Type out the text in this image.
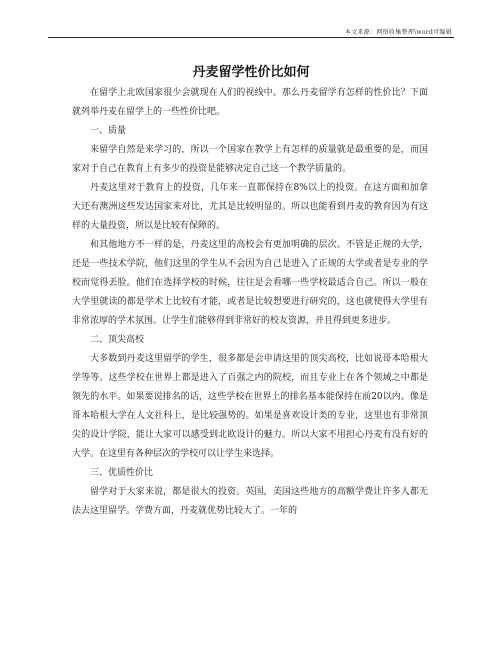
本文来源：网络收集整理\word可编辑
丹麦留学性价比如何

在留学上北欧国家很少会就现在人们的视线中。那么丹麦留学有怎样的性价比？下面就列举丹麦在留学上的一些性价比吧。

一、质量

来留学自然是来学习的，所以一个国家在教学上有怎样的质量就是最重要的是，而国家对于自己在教育上有多少的投资是能够决定自己这一个教学质量的。

丹麦这里对于教育上的投资，几年来一直都保持在8%以上的投资。在这方面和加拿大还有澳洲这些发达国家来对比，尤其是比较明显的。所以也能看到丹麦的教育因为有这样的大量投资，所以是比较有保障的。

和其他地方不一样的是，丹麦这里的高校会有更加明确的层次。不管是正规的大学，还是一些技术学院，他们这里的学生从不会因为自己是进入了正规的大学或者是专业的学校而觉得丢脸。他们在选择学校的时候，往往是会看哪一些学校最适合自己。所以一般在大学里就读的都是学术上比较有才能，或者是比较想要进行研究的，这也就使得大学里有非常浓厚的学术氛围。让学生们能够得到非常好的校友资源，并且得到更多进步。

二、顶尖高校

大多数到丹麦这里留学的学生，很多都是会申请这里的顶尖高校，比如说哥本哈根大学等等。这些学校在世界上都是进入了百强之内的院校，而且专业上在各个领域之中都是领先的水平。如果要说排名的话，这些学校在世界上的排名基本能保持在前20以内。像是哥本哈根大学在人文社科上，是比较强势的。如果是喜欢设计类的专业，这里也有非常顶尖的设计学院，能让大家可以感受到北欧设计的魅力。所以大家不用担心丹麦有没有好的大学。在这里有各种层次的学校可以让学生来选择。

三、优质性价比

留学对于大家来说，都是很大的投资。英国，美国这些地方的高额学费让许多人都无法去这里留学。学费方面，丹麦就优势比较大了。一年的
